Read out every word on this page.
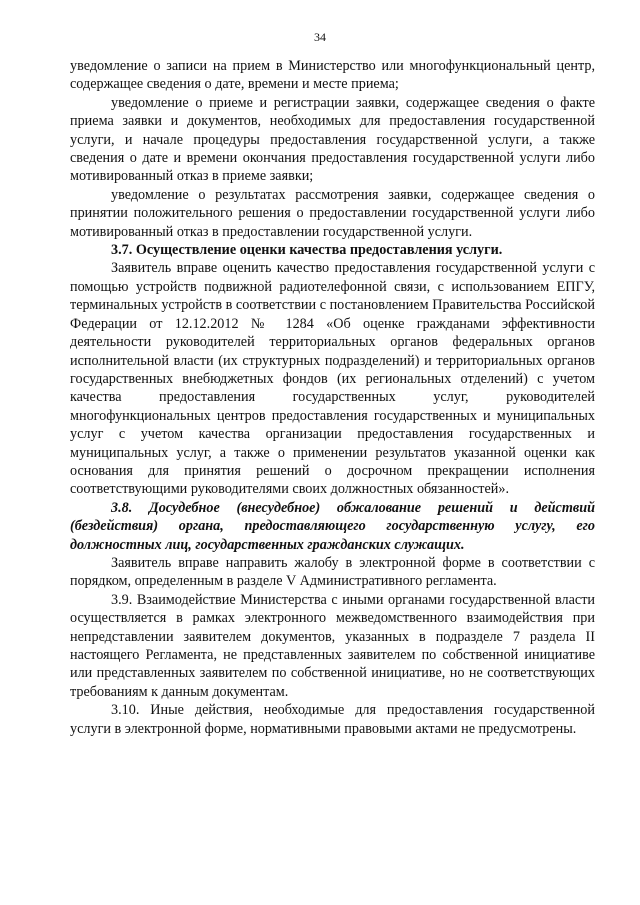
34

уведомление о записи на прием в Министерство или многофункциональный центр, содержащее сведения о дате, времени и месте приема;

уведомление о приеме и регистрации заявки, содержащее сведения о факте приема заявки и документов, необходимых для предоставления государственной услуги, и начале процедуры предоставления государственной услуги, а также сведения о дате и времени окончания предоставления государственной услуги либо мотивированный отказ в приеме заявки;

уведомление о результатах рассмотрения заявки, содержащее сведения о принятии положительного решения о предоставлении государственной услуги либо мотивированный отказ в предоставлении государственной услуги.

3.7. Осуществление оценки качества предоставления услуги.

Заявитель вправе оценить качество предоставления государственной услуги с помощью устройств подвижной радиотелефонной связи, с использованием ЕПГУ, терминальных устройств в соответствии с постановлением Правительства Российской Федерации от 12.12.2012 № 1284 «Об оценке гражданами эффективности деятельности руководителей территориальных органов федеральных органов исполнительной власти (их структурных подразделений) и территориальных органов государственных внебюджетных фондов (их региональных отделений) с учетом качества предоставления государственных услуг, руководителей многофункциональных центров предоставления государственных и муниципальных услуг с учетом качества организации предоставления государственных и муниципальных услуг, а также о применении результатов указанной оценки как основания для принятия решений о досрочном прекращении исполнения соответствующими руководителями своих должностных обязанностей».

3.8. Досудебное (внесудебное) обжалование решений и действий (бездействия) органа, предоставляющего государственную услугу, его должностных лиц, государственных гражданских служащих.

Заявитель вправе направить жалобу в электронной форме в соответствии с порядком, определенным в разделе V Административного регламента.

3.9. Взаимодействие Министерства с иными органами государственной власти осуществляется в рамках электронного межведомственного взаимодействия при непредставлении заявителем документов, указанных в подразделе 7 раздела II настоящего Регламента, не представленных заявителем по собственной инициативе или представленных заявителем по собственной инициативе, но не соответствующих требованиям к данным документам.

3.10. Иные действия, необходимые для предоставления государственной услуги в электронной форме, нормативными правовыми актами не предусмотрены.
